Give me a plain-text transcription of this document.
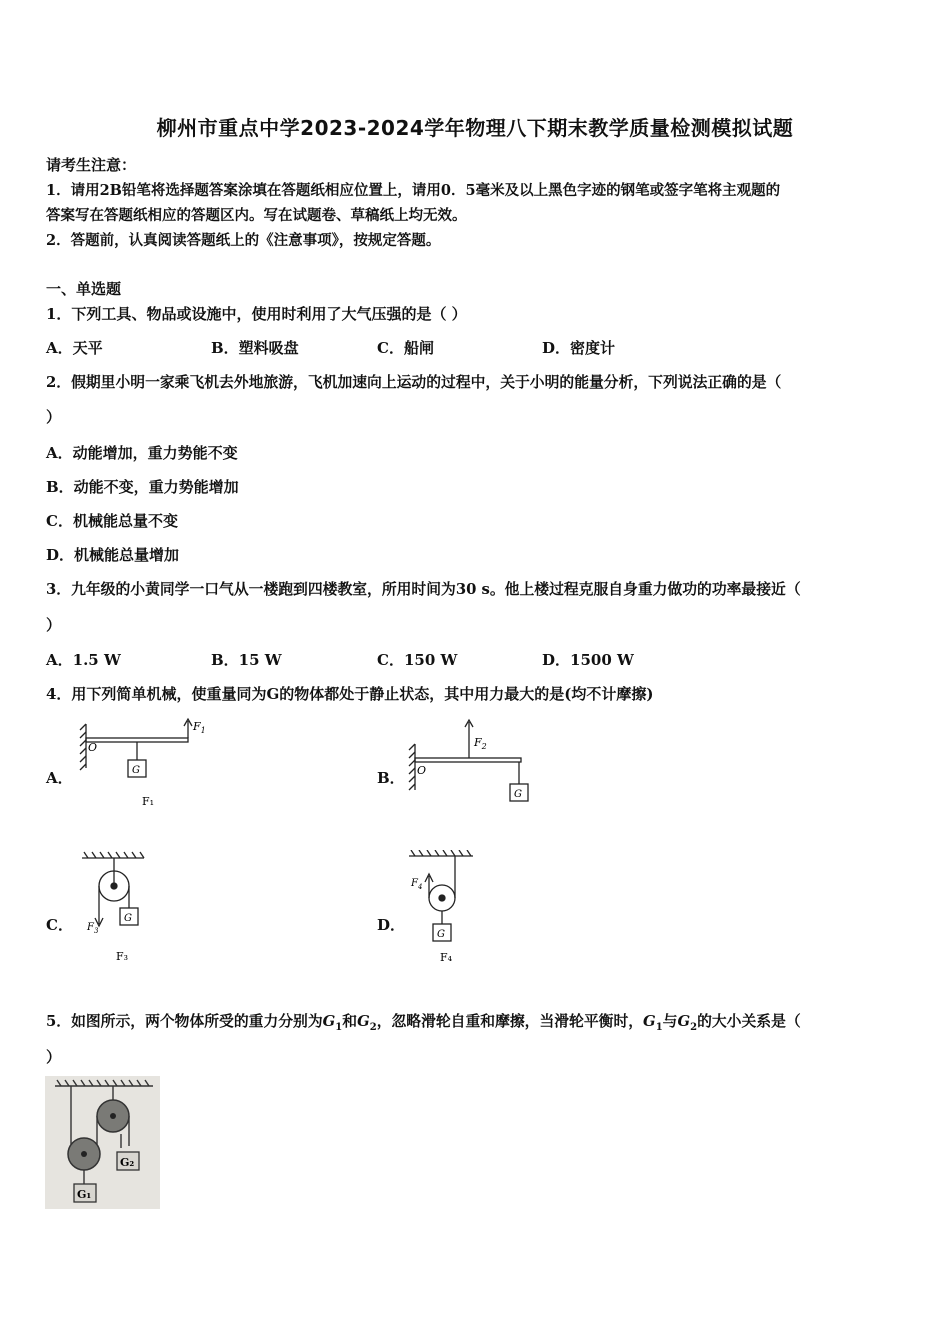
柳州市重点中学2023-2024学年物理八下期末教学质量检测模拟试题
请考生注意：
1．请用2B铅笔将选择题答案涂填在答题纸相应位置上，请用0．5毫米及以上黑色字迹的钢笔或签字笔将主观题的
答案写在答题纸相应的答题区内。写在试题卷、草稿纸上均无效。
2．答题前，认真阅读答题纸上的《注意事项》，按规定答题。
一、单选题
1．下列工具、物品或设施中，使用时利用了大气压强的是（ ）
A．天平	B．塑料吸盘	C．船闸	D．密度计
2．假期里小明一家乘飞机去外地旅游，飞机加速向上运动的过程中，关于小明的能量分析，下列说法正确的是（
）
A．动能增加，重力势能不变
B．动能不变，重力势能增加
C．机械能总量不变
D．机械能总量增加
3．九年级的小黄同学一口气从一楼跑到四楼教室，所用时间为30 s。他上楼过程克服自身重力做功的功率最接近（
）
A．1.5 W	B．15 W	C．150 W	D．1500 W
4．用下列简单机械，使重量同为G的物体都处于静止状态，其中用力最大的是(均不计摩擦)
A．	B．
C．	D．
O
G
$F_1$
F₁
O
G
$F_2$
G
$F_3$
F₃
G
$F_4$
F₄
5．如图所示，两个物体所受的重力分别为$G_1$和$G_2$，忽略滑轮自重和摩擦，当滑轮平衡时，$G_1$与$G_2$的大小关系是（
）
G₂
G₁
